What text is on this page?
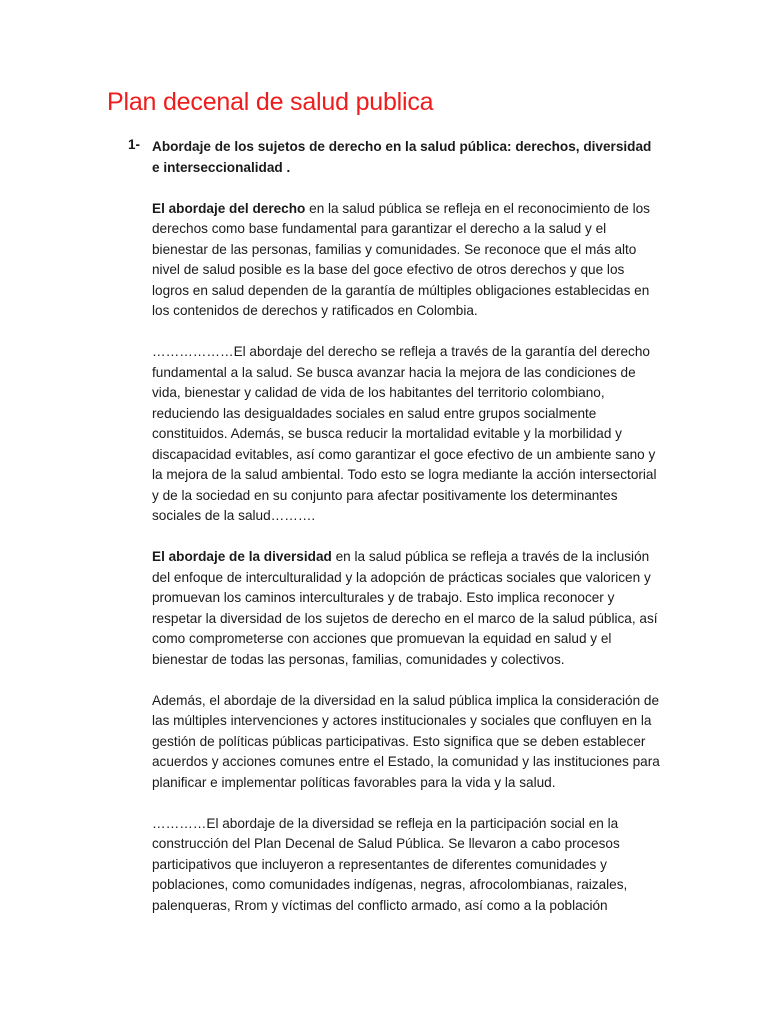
Plan decenal de salud publica
1- Abordaje de los sujetos de derecho en la salud pública: derechos, diversidad e interseccionalidad .

El abordaje del derecho en la salud pública se refleja en el reconocimiento de los derechos como base fundamental para garantizar el derecho a la salud y el bienestar de las personas, familias y comunidades. Se reconoce que el más alto nivel de salud posible es la base del goce efectivo de otros derechos y que los logros en salud dependen de la garantía de múltiples obligaciones establecidas en los contenidos de derechos y ratificados en Colombia.

………………El abordaje del derecho se refleja a través de la garantía del derecho fundamental a la salud. Se busca avanzar hacia la mejora de las condiciones de vida, bienestar y calidad de vida de los habitantes del territorio colombiano, reduciendo las desigualdades sociales en salud entre grupos socialmente constituidos. Además, se busca reducir la mortalidad evitable y la morbilidad y discapacidad evitables, así como garantizar el goce efectivo de un ambiente sano y la mejora de la salud ambiental. Todo esto se logra mediante la acción intersectorial y de la sociedad en su conjunto para afectar positivamente los determinantes sociales de la salud……….

El abordaje de la diversidad en la salud pública se refleja a través de la inclusión del enfoque de interculturalidad y la adopción de prácticas sociales que valoricen y promuevan los caminos interculturales y de trabajo. Esto implica reconocer y respetar la diversidad de los sujetos de derecho en el marco de la salud pública, así como comprometerse con acciones que promuevan la equidad en salud y el bienestar de todas las personas, familias, comunidades y colectivos.

Además, el abordaje de la diversidad en la salud pública implica la consideración de las múltiples intervenciones y actores institucionales y sociales que confluyen en la gestión de políticas públicas participativas. Esto significa que se deben establecer acuerdos y acciones comunes entre el Estado, la comunidad y las instituciones para planificar e implementar políticas favorables para la vida y la salud.

…………El abordaje de la diversidad se refleja en la participación social en la construcción del Plan Decenal de Salud Pública. Se llevaron a cabo procesos participativos que incluyeron a representantes de diferentes comunidades y poblaciones, como comunidades indígenas, negras, afrocolombianas, raizales, palenqueras, Rrom y víctimas del conflicto armado, así como a la población
